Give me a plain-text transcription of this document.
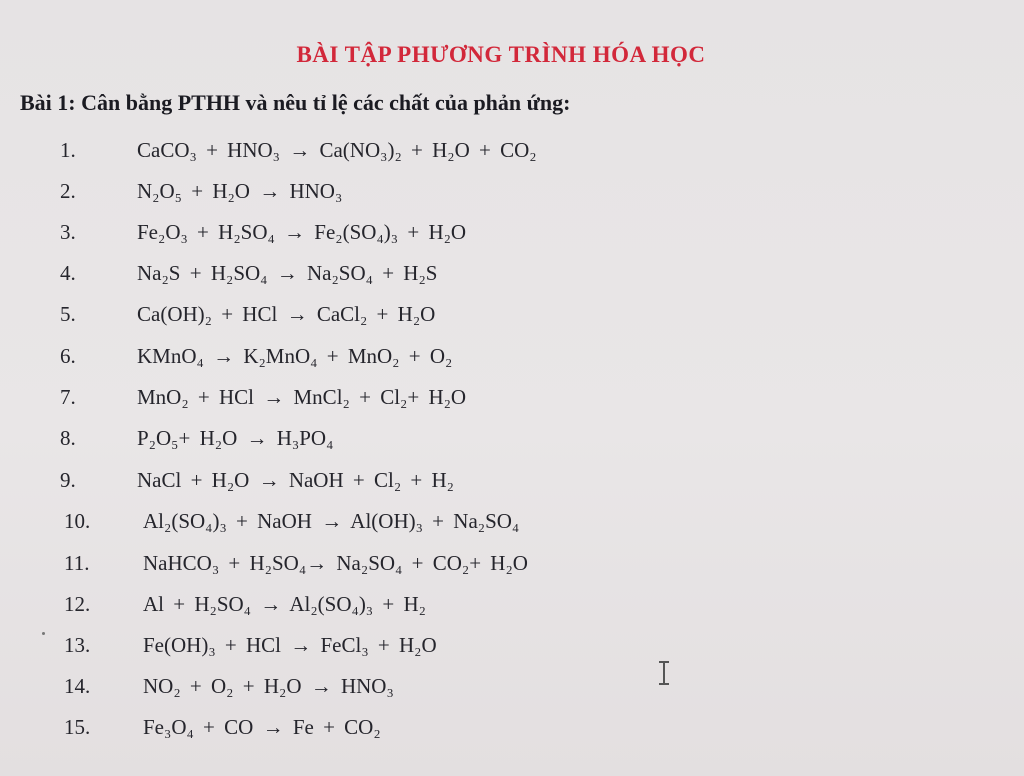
BÀI TẬP PHƯƠNG TRÌNH HÓA HỌC
Bài 1: Cân bằng PTHH và nêu tỉ lệ các chất của phản ứng:
1.	CaCO₃ + HNO₃ → Ca(NO₃)₂ + H₂O + CO₂
2.	N₂O₅ + H₂O → HNO₃
3.	Fe₂O₃ + H₂SO₄ → Fe₂(SO₄)₃ + H₂O
4.	Na₂S + H₂SO₄ → Na₂SO₄ + H₂S
5.	Ca(OH)₂ + HCl → CaCl₂ + H₂O
6.	KMnO₄ → K₂MnO₄ + MnO₂ + O₂
7.	MnO₂ + HCl → MnCl₂ + Cl₂+ H₂O
8.	P₂O₅+ H₂O → H₃PO₄
9.	NaCl + H₂O → NaOH + Cl₂ + H₂
10.	Al₂(SO₄)₃ + NaOH → Al(OH)₃ + Na₂SO₄
11.	NaHCO₃ + H₂SO₄→ Na₂SO₄ + CO₂+ H₂O
12.	Al + H₂SO₄ → Al₂(SO₄)₃ + H₂
13.	Fe(OH)₃ + HCl → FeCl₃ + H₂O
14.	NO₂ + O₂ + H₂O → HNO₃
15.	Fe₃O₄ + CO → Fe + CO₂
